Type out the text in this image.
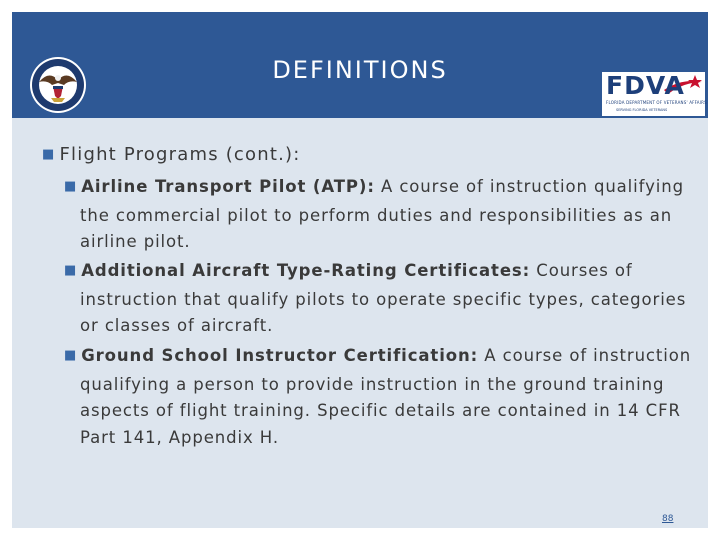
DEFINITIONS
FDVA
FLORIDA DEPARTMENT OF VETERANS' AFFAIRS
SERVING FLORIDA VETERANS
■ Flight Programs (cont.):
■ Airline Transport Pilot (ATP): A course of instruction qualifying the commercial pilot to perform duties and responsibilities as an airline pilot.
■ Additional Aircraft Type-Rating Certificates: Courses of instruction that qualify pilots to operate specific types, categories or classes of aircraft.
■ Ground School Instructor Certification: A course of instruction qualifying a person to provide instruction in the ground training aspects of flight training. Specific details are contained in 14 CFR Part 141, Appendix H.
88
